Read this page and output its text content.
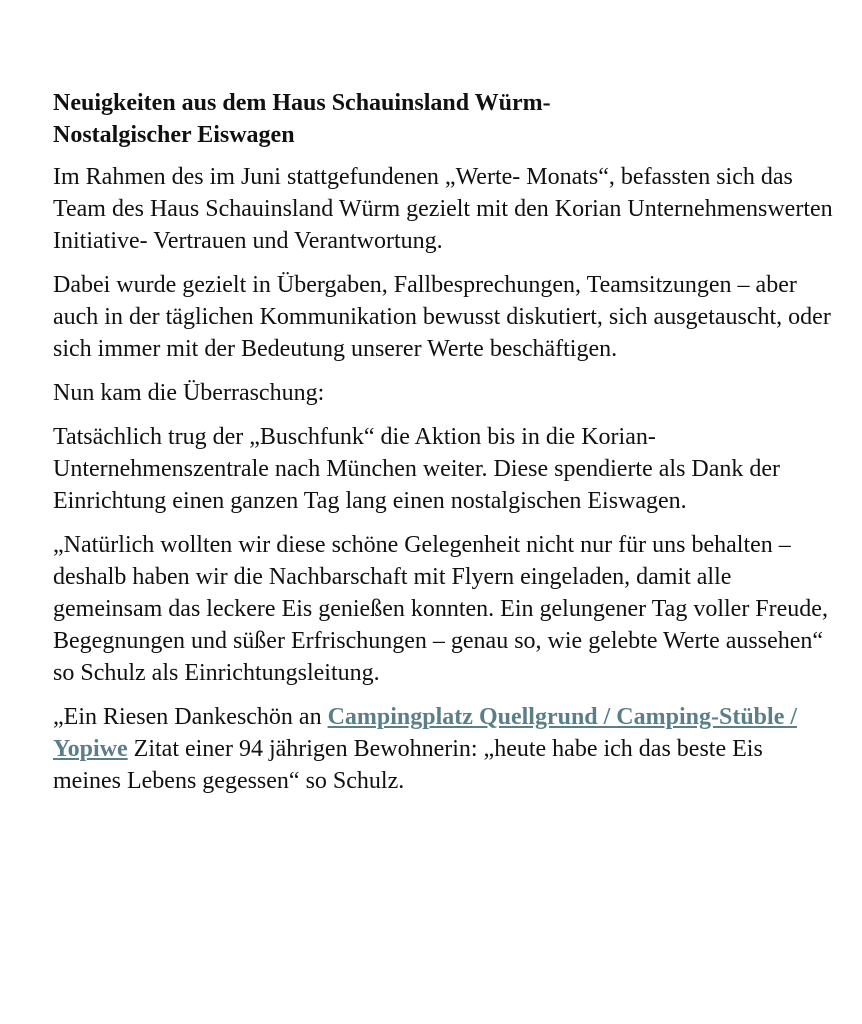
Neuigkeiten aus dem Haus Schauinsland Würm-
Nostalgischer Eiswagen

Im Rahmen des im Juni stattgefundenen „Werte- Monats“, befassten sich das Team des Haus Schauinsland Würm gezielt mit den Korian Unternehmenswerten Initiative- Vertrauen und Verantwortung.

Dabei wurde gezielt in Übergaben, Fallbesprechungen, Teamsitzungen – aber auch in der täglichen Kommunikation bewusst diskutiert, sich ausgetauscht, oder sich immer mit der Bedeutung unserer Werte beschäftigen.

Nun kam die Überraschung:

Tatsächlich trug der „Buschfunk“ die Aktion bis in die Korian- Unternehmenszentrale nach München weiter. Diese spendierte als Dank der Einrichtung einen ganzen Tag lang einen nostalgischen Eiswagen.

„Natürlich wollten wir diese schöne Gelegenheit nicht nur für uns behalten – deshalb haben wir die Nachbarschaft mit Flyern eingeladen, damit alle gemeinsam das leckere Eis genießen konnten. Ein gelungener Tag voller Freude, Begegnungen und süßer Erfrischungen – genau so, wie gelebte Werte aussehen“ so Schulz als Einrichtungsleitung.

„Ein Riesen Dankeschön an Campingplatz Quellgrund / Camping-Stüble / Yopiwe Zitat einer 94 jährigen Bewohnerin: „heute habe ich das beste Eis meines Lebens gegessen“ so Schulz.
